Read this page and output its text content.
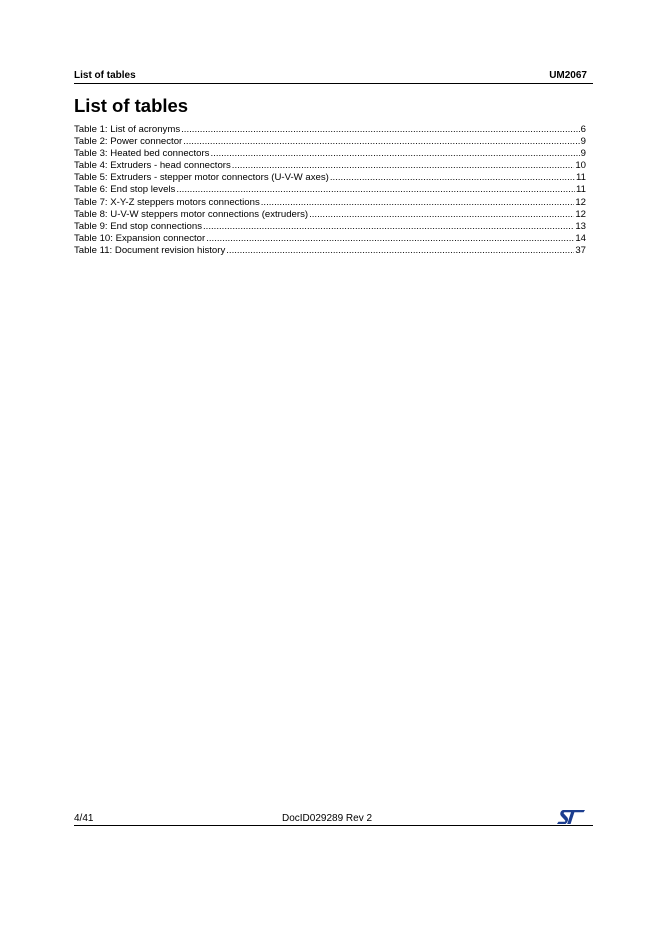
List of tables	UM2067
List of tables
Table 1: List of acronyms .....	6
Table 2: Power connector .....	9
Table 3: Heated bed connectors .....	9
Table 4: Extruders - head connectors .....	10
Table 5: Extruders - stepper motor connectors (U-V-W axes) .....	11
Table 6: End stop levels .....	11
Table 7: X-Y-Z steppers motors connections .....	12
Table 8: U-V-W steppers motor connections (extruders) .....	12
Table 9: End stop connections .....	13
Table 10: Expansion connector .....	14
Table 11: Document revision history .....	37
4/41	DocID029289 Rev 2
